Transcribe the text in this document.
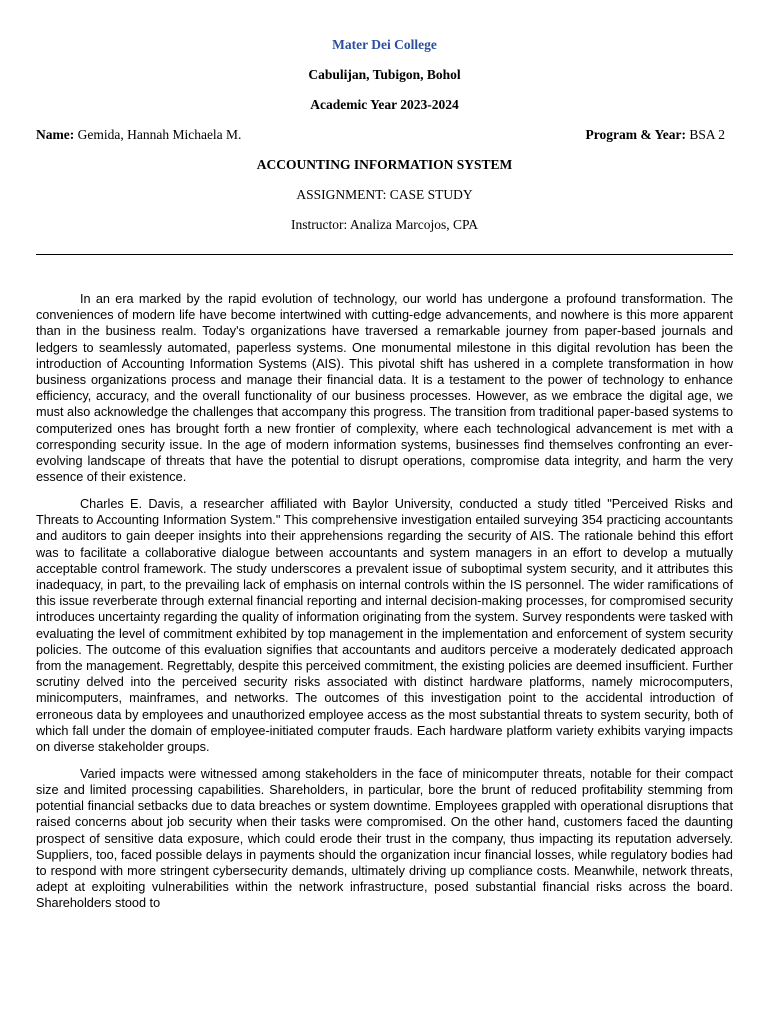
Mater Dei College
Cabulijan, Tubigon, Bohol
Academic Year 2023-2024
Name: Gemida, Hannah Michaela M.	Program & Year: BSA 2
ACCOUNTING INFORMATION SYSTEM
ASSIGNMENT: CASE STUDY
Instructor: Analiza Marcojos, CPA

In an era marked by the rapid evolution of technology, our world has undergone a profound transformation. The conveniences of modern life have become intertwined with cutting-edge advancements, and nowhere is this more apparent than in the business realm. Today's organizations have traversed a remarkable journey from paper-based journals and ledgers to seamlessly automated, paperless systems. One monumental milestone in this digital revolution has been the introduction of Accounting Information Systems (AIS). This pivotal shift has ushered in a complete transformation in how business organizations process and manage their financial data. It is a testament to the power of technology to enhance efficiency, accuracy, and the overall functionality of our business processes. However, as we embrace the digital age, we must also acknowledge the challenges that accompany this progress. The transition from traditional paper-based systems to computerized ones has brought forth a new frontier of complexity, where each technological advancement is met with a corresponding security issue. In the age of modern information systems, businesses find themselves confronting an ever-evolving landscape of threats that have the potential to disrupt operations, compromise data integrity, and harm the very essence of their existence.

Charles E. Davis, a researcher affiliated with Baylor University, conducted a study titled "Perceived Risks and Threats to Accounting Information System." This comprehensive investigation entailed surveying 354 practicing accountants and auditors to gain deeper insights into their apprehensions regarding the security of AIS. The rationale behind this effort was to facilitate a collaborative dialogue between accountants and system managers in an effort to develop a mutually acceptable control framework. The study underscores a prevalent issue of suboptimal system security, and it attributes this inadequacy, in part, to the prevailing lack of emphasis on internal controls within the IS personnel. The wider ramifications of this issue reverberate through external financial reporting and internal decision-making processes, for compromised security introduces uncertainty regarding the quality of information originating from the system. Survey respondents were tasked with evaluating the level of commitment exhibited by top management in the implementation and enforcement of system security policies. The outcome of this evaluation signifies that accountants and auditors perceive a moderately dedicated approach from the management. Regrettably, despite this perceived commitment, the existing policies are deemed insufficient. Further scrutiny delved into the perceived security risks associated with distinct hardware platforms, namely microcomputers, minicomputers, mainframes, and networks. The outcomes of this investigation point to the accidental introduction of erroneous data by employees and unauthorized employee access as the most substantial threats to system security, both of which fall under the domain of employee-initiated computer frauds. Each hardware platform variety exhibits varying impacts on diverse stakeholder groups.

Varied impacts were witnessed among stakeholders in the face of minicomputer threats, notable for their compact size and limited processing capabilities. Shareholders, in particular, bore the brunt of reduced profitability stemming from potential financial setbacks due to data breaches or system downtime. Employees grappled with operational disruptions that raised concerns about job security when their tasks were compromised. On the other hand, customers faced the daunting prospect of sensitive data exposure, which could erode their trust in the company, thus impacting its reputation adversely. Suppliers, too, faced possible delays in payments should the organization incur financial losses, while regulatory bodies had to respond with more stringent cybersecurity demands, ultimately driving up compliance costs. Meanwhile, network threats, adept at exploiting vulnerabilities within the network infrastructure, posed substantial financial risks across the board. Shareholders stood to
